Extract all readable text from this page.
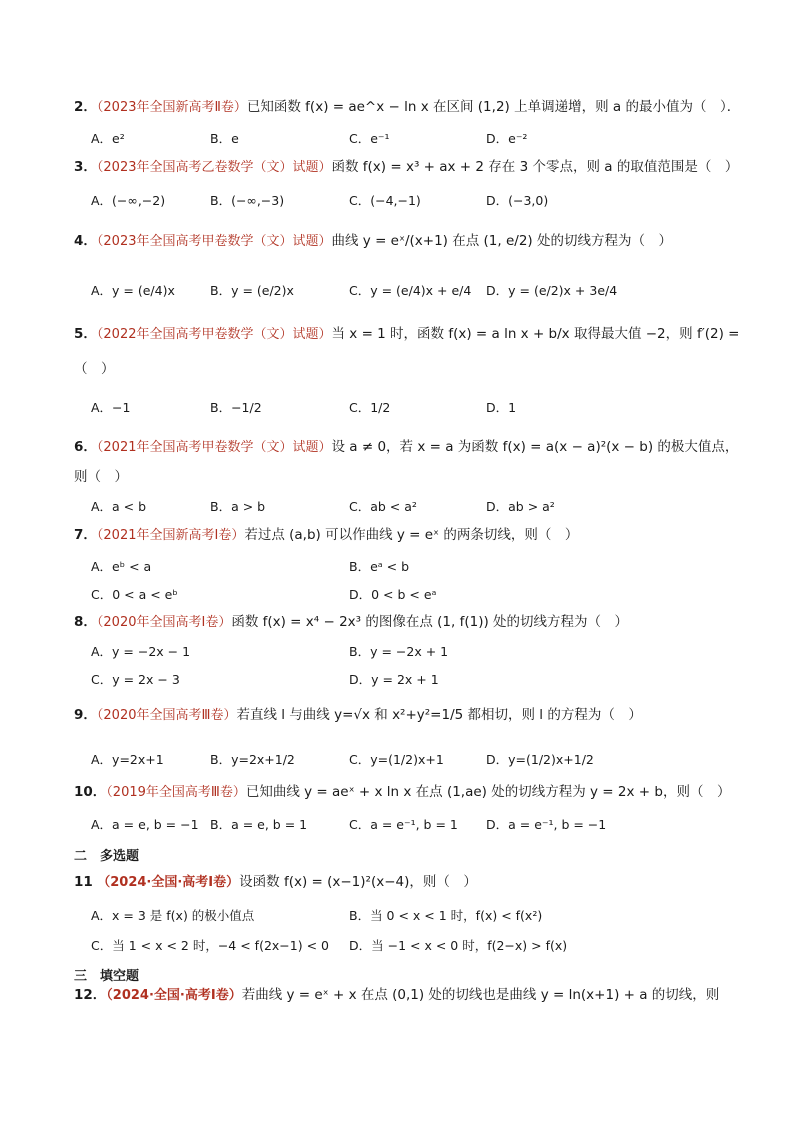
2．（2023年全国新高考Ⅱ卷）已知函数 f(x) = ae^x − ln x 在区间 (1,2) 上单调递增，则 a 的最小值为（　）．
A．e²	B．e	C．e⁻¹	D．e⁻²
3．（2023年全国高考乙卷数学（文）试题）函数 f(x) = x³ + ax + 2 存在 3 个零点，则 a 的取值范围是（　）
A．(−∞,−2)	B．(−∞,−3)	C．(−4,−1)	D．(−3,0)
4．（2023年全国高考甲卷数学（文）试题）曲线 y = eˣ/(x+1) 在点 (1, e/2) 处的切线方程为（　）
A．y = (e/4)x	B．y = (e/2)x	C．y = (e/4)x + e/4 D．y = (e/2)x + 3e/4
5．（2022年全国高考甲卷数学（文）试题）当 x = 1 时，函数 f(x) = a ln x + b/x 取得最大值 −2，则 f′(2) =
（　）
A．−1	B．−1/2	C．1/2	D．1
6．（2021年全国高考甲卷数学（文）试题）设 a ≠ 0，若 x = a 为函数 f(x) = a(x − a)²(x − b) 的极大值点，
则（　）
A．a < b	B．a > b	C．ab < a²	D．ab > a²
7．（2021年全国新高考Ⅰ卷）若过点 (a,b) 可以作曲线 y = eˣ 的两条切线，则（　）
A．eᵇ < a	B．eᵃ < b
C．0 < a < eᵇ	D．0 < b < eᵃ
8．（2020年全国高考Ⅰ卷）函数 f(x) = x⁴ − 2x³ 的图像在点 (1, f(1)) 处的切线方程为（　）
A．y = −2x − 1	B．y = −2x + 1
C．y = 2x − 3	D．y = 2x + 1
9．（2020年全国高考Ⅲ卷）若直线 l 与曲线 y=√x 和 x²+y²=1/5 都相切，则 l 的方程为（　）
A．y=2x+1	B．y=2x+1/2	C．y=(1/2)x+1	D．y=(1/2)x+1/2
10．（2019年全国高考Ⅲ卷）已知曲线 y = aeˣ + x ln x 在点 (1,ae) 处的切线方程为 y = 2x + b，则（　）
A．a = e, b = −1 B．a = e, b = 1	C．a = e⁻¹, b = 1 D．a = e⁻¹, b = −1
二　多选题
11 （2024·全国·高考Ⅰ卷）设函数 f(x) = (x−1)²(x−4)，则（　）
A．x = 3 是 f(x) 的极小值点	B．当 0 < x < 1 时，f(x) < f(x²)
C．当 1 < x < 2 时，−4 < f(2x−1) < 0 D．当 −1 < x < 0 时，f(2−x) > f(x)
三　填空题
12．（2024·全国·高考Ⅰ卷）若曲线 y = eˣ + x 在点 (0,1) 处的切线也是曲线 y = ln(x+1) + a 的切线，则
